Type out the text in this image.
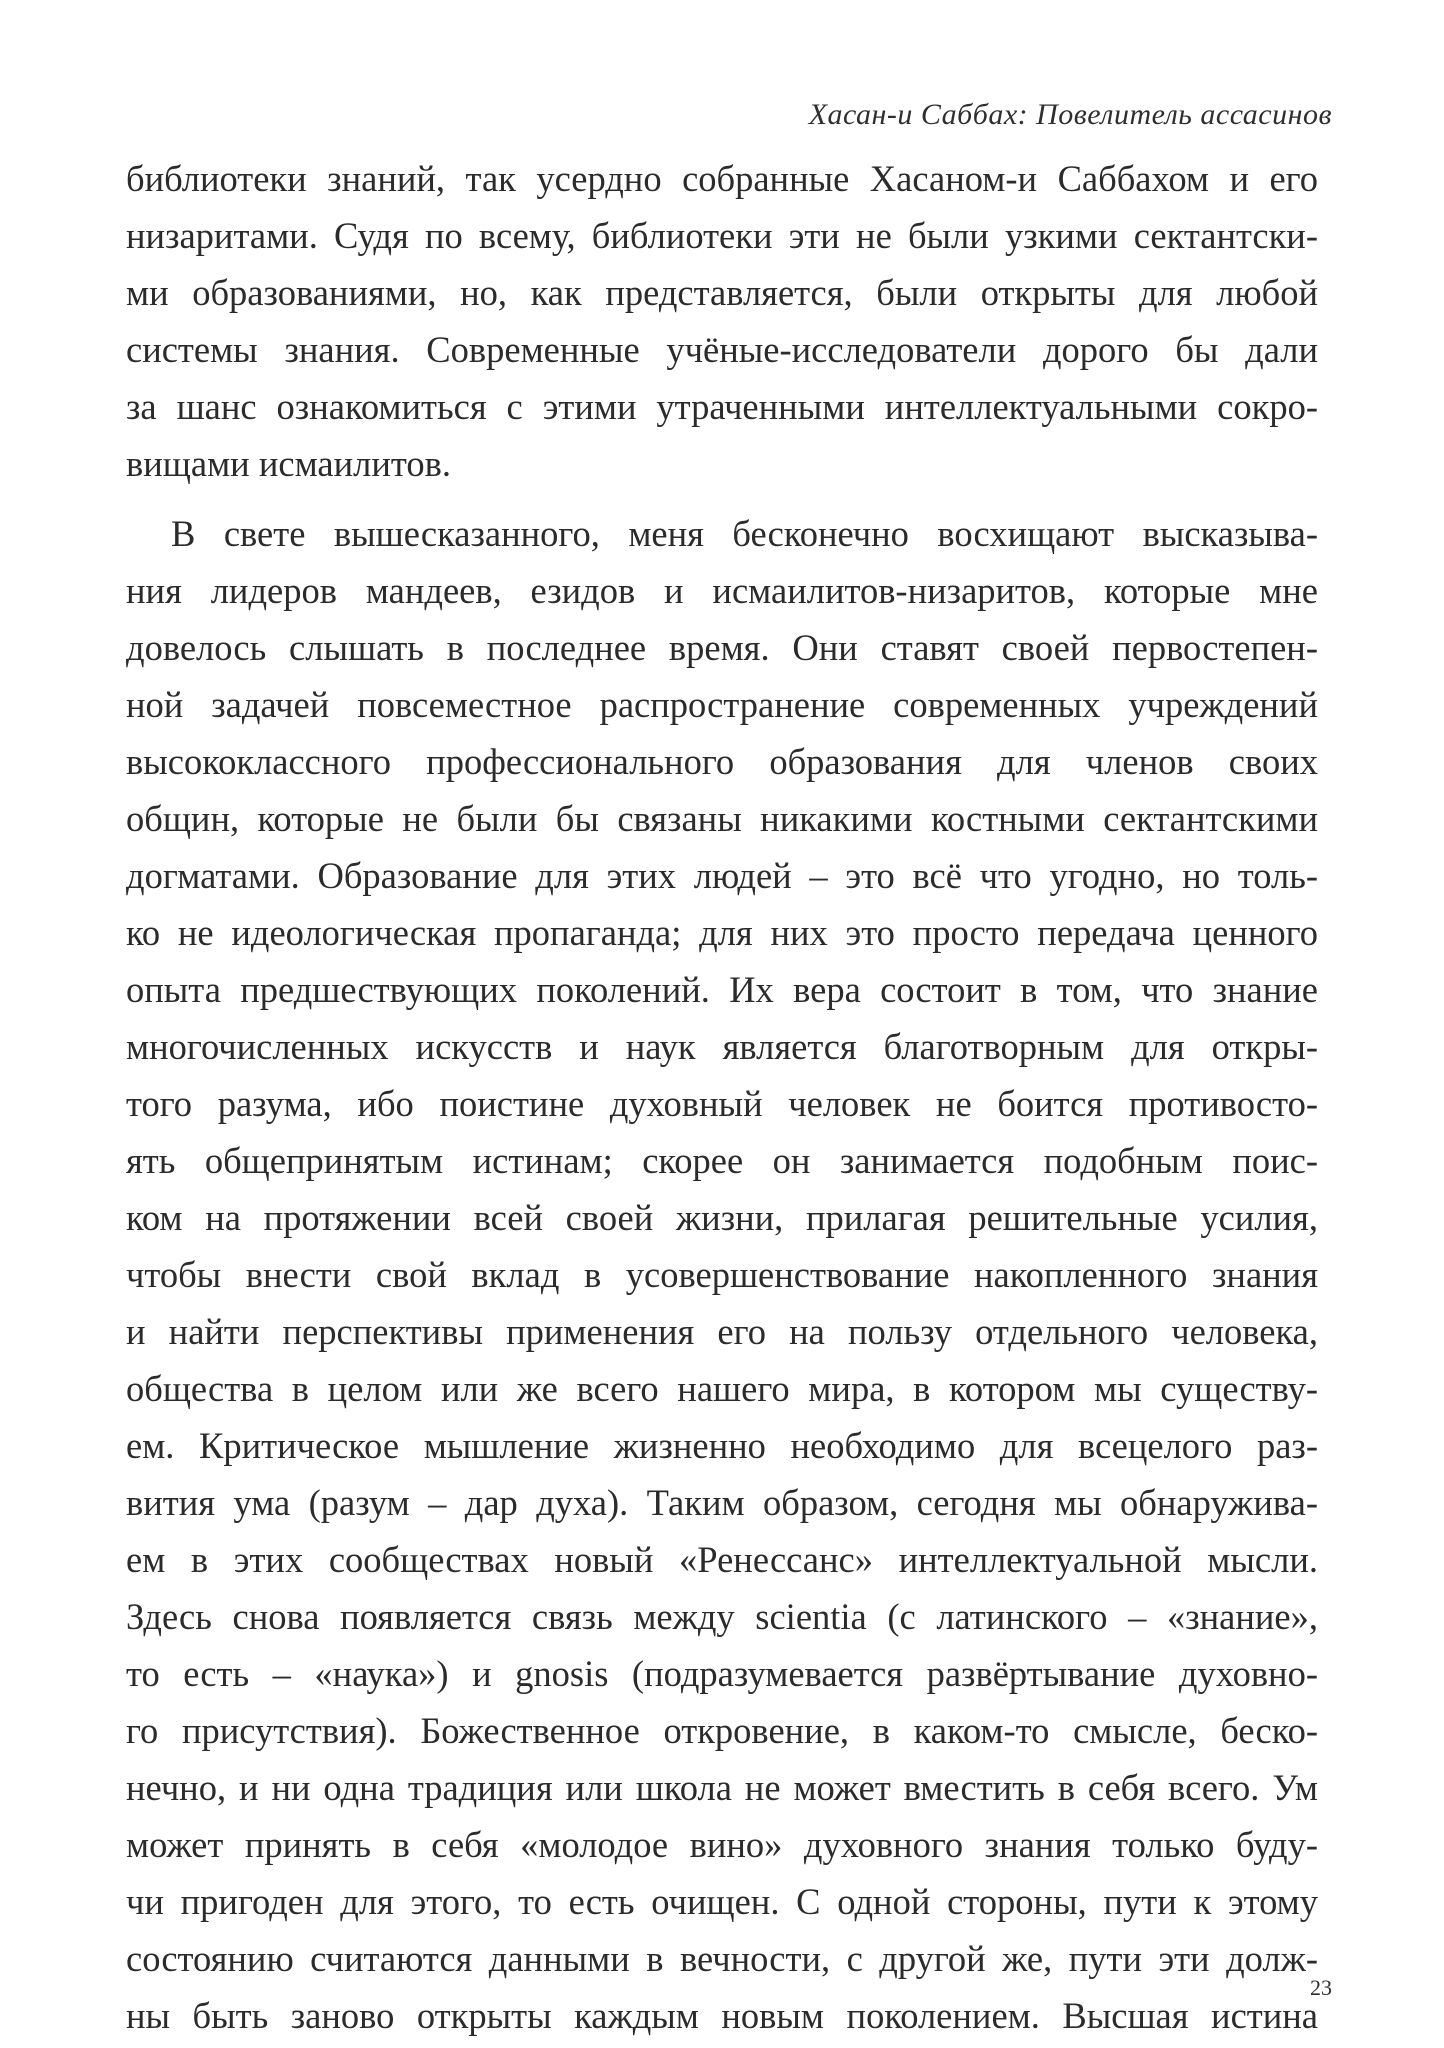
Хасан-и Саббах: Повелитель ассасинов
библиотеки знаний, так усердно собранные Хасаном-и Саббахом и его
низаритами. Судя по всему, библиотеки эти не были узкими сектантски-
ми образованиями, но, как представляется, были открыты для любой
системы знания. Современные учёные-исследователи дорого бы дали
за шанс ознакомиться с этими утраченными интеллектуальными сокро-
вищами исмаилитов.
В свете вышесказанного, меня бесконечно восхищают высказыва-
ния лидеров мандеев, езидов и исмаилитов-низаритов, которые мне
довелось слышать в последнее время. Они ставят своей первостепен-
ной задачей повсеместное распространение современных учреждений
высококлассного профессионального образования для членов своих
общин, которые не были бы связаны никакими костными сектантскими
догматами. Образование для этих людей – это всё что угодно, но толь-
ко не идеологическая пропаганда; для них это просто передача ценного
опыта предшествующих поколений. Их вера состоит в том, что знание
многочисленных искусств и наук является благотворным для откры-
того разума, ибо поистине духовный человек не боится противосто-
ять общепринятым истинам; скорее он занимается подобным поис-
ком на протяжении всей своей жизни, прилагая решительные усилия,
чтобы внести свой вклад в усовершенствование накопленного знания
и найти перспективы применения его на пользу отдельного человека,
общества в целом или же всего нашего мира, в котором мы существу-
ем. Критическое мышление жизненно необходимо для всецелого раз-
вития ума (разум – дар духа). Таким образом, сегодня мы обнаружива-
ем в этих сообществах новый «Ренессанс» интеллектуальной мысли.
Здесь снова появляется связь между scientia (с латинского – «знание»,
то есть – «наука») и gnosis (подразумевается развёртывание духовно-
го присутствия). Божественное откровение, в каком-то смысле, беско-
нечно, и ни одна традиция или школа не может вместить в себя всего. Ум
может принять в себя «молодое вино» духовного знания только буду-
чи пригоден для этого, то есть очищен. С одной стороны, пути к этому
состоянию считаются данными в вечности, с другой же, пути эти долж-
ны быть заново открыты каждым новым поколением. Высшая истина
23
